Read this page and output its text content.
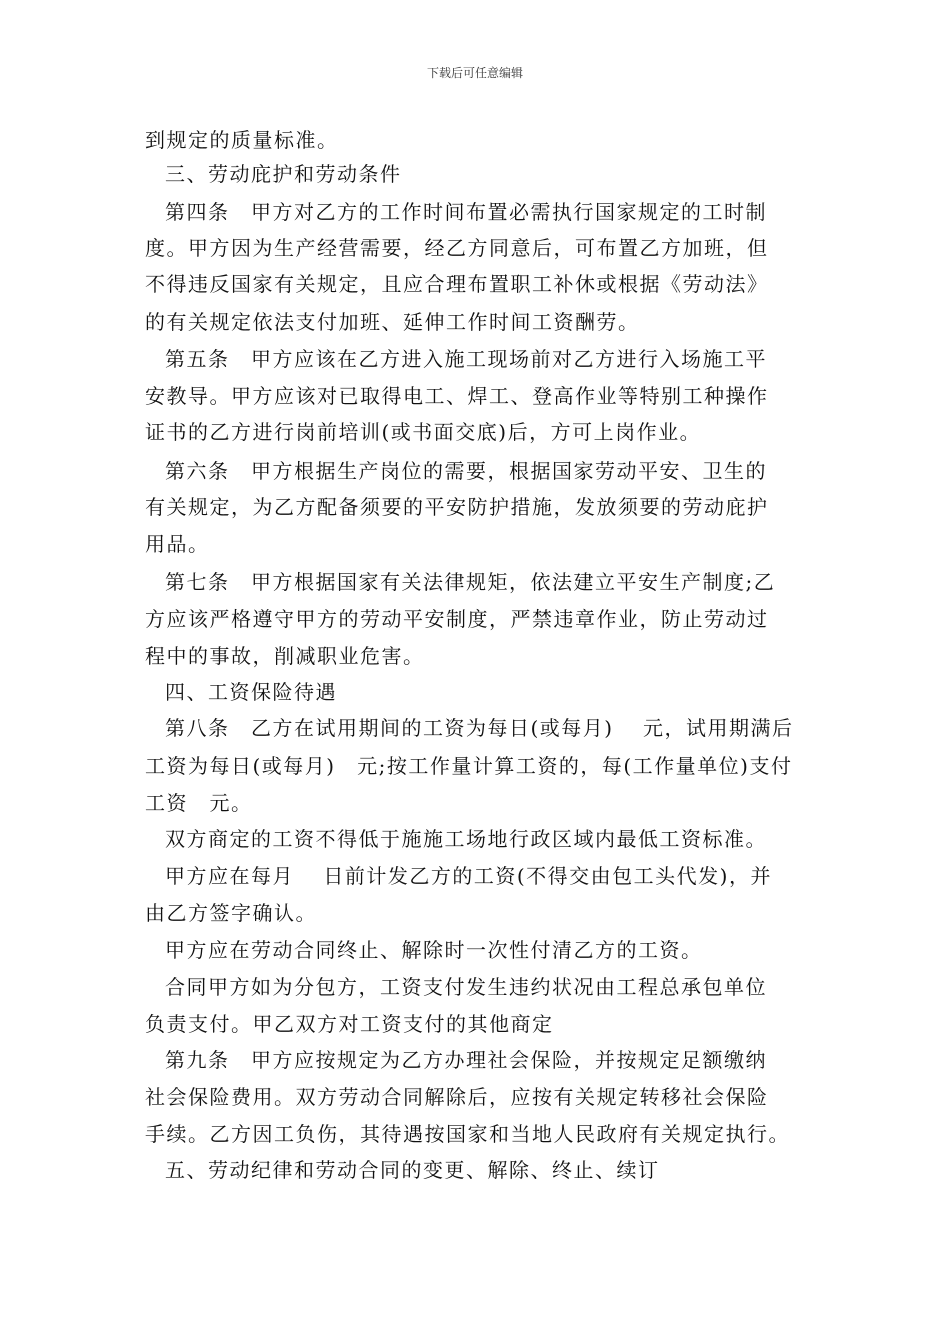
下载后可任意编辑
到规定的质量标准。
三、劳动庇护和劳动条件
第四条　甲方对乙方的工作时间布置必需执行国家规定的工时制
度。甲方因为生产经营需要，经乙方同意后，可布置乙方加班，但
不得违反国家有关规定，且应合理布置职工补休或根据《劳动法》
的有关规定依法支付加班、延伸工作时间工资酬劳。
第五条　甲方应该在乙方进入施工现场前对乙方进行入场施工平
安教导。甲方应该对已取得电工、焊工、登高作业等特别工种操作
证书的乙方进行岗前培训(或书面交底)后，方可上岗作业。
第六条　甲方根据生产岗位的需要，根据国家劳动平安、卫生的
有关规定，为乙方配备须要的平安防护措施，发放须要的劳动庇护
用品。
第七条　甲方根据国家有关法律规矩，依法建立平安生产制度;乙
方应该严格遵守甲方的劳动平安制度，严禁违章作业，防止劳动过
程中的事故，削减职业危害。
四、工资保险待遇
第八条　乙方在试用期间的工资为每日(或每月)　 元，试用期满后
工资为每日(或每月)　元;按工作量计算工资的，每(工作量单位)支付
工资　元。
双方商定的工资不得低于施施工场地行政区域内最低工资标准。
甲方应在每月　 日前计发乙方的工资(不得交由包工头代发)，并
由乙方签字确认。
甲方应在劳动合同终止、解除时一次性付清乙方的工资。
合同甲方如为分包方，工资支付发生违约状况由工程总承包单位
负责支付。甲乙双方对工资支付的其他商定
第九条　甲方应按规定为乙方办理社会保险，并按规定足额缴纳
社会保险费用。双方劳动合同解除后，应按有关规定转移社会保险
手续。乙方因工负伤，其待遇按国家和当地人民政府有关规定执行。
五、劳动纪律和劳动合同的变更、解除、终止、续订
